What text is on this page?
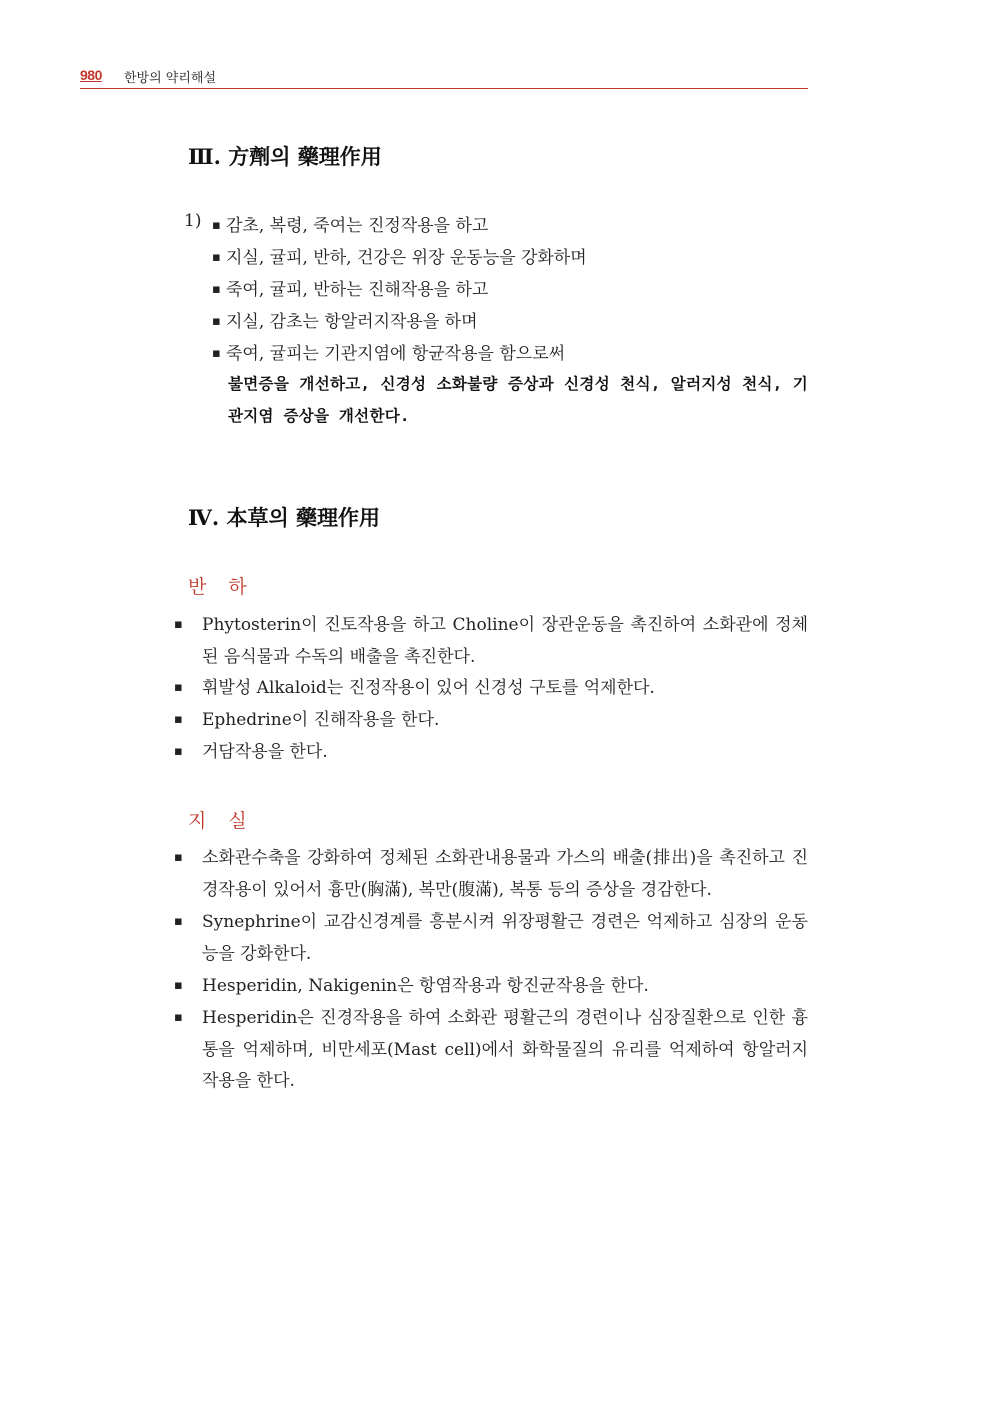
980 한방의 약리해설
Ⅲ. 方劑의 藥理作用
1) ▪ 감초, 복령, 죽여는 진정작용을 하고
▪ 지실, 귤피, 반하, 건강은 위장 운동능을 강화하며
▪ 죽여, 귤피, 반하는 진해작용을 하고
▪ 지실, 감초는 항알러지작용을 하며
▪ 죽여, 귤피는 기관지염에 항균작용을 함으로써
불면증을 개선하고, 신경성 소화불량 증상과 신경성 천식, 알러지성 천식, 기관지염 증상을 개선한다.
Ⅳ. 本草의 藥理作用
반 하
▪ Phytosterin이 진토작용을 하고 Choline이 장관운동을 촉진하여 소화관에 정체된 음식물과 수독의 배출을 촉진한다.
▪ 휘발성 Alkaloid는 진정작용이 있어 신경성 구토를 억제한다.
▪ Ephedrine이 진해작용을 한다.
▪ 거담작용을 한다.
지 실
▪ 소화관수축을 강화하여 정체된 소화관내용물과 가스의 배출(排出)을 촉진하고 진경작용이 있어서 흉만(胸滿), 복만(腹滿), 복통 등의 증상을 경감한다.
▪ Synephrine이 교감신경계를 흥분시켜 위장평활근 경련은 억제하고 심장의 운동능을 강화한다.
▪ Hesperidin, Nakigenin은 항염작용과 항진균작용을 한다.
▪ Hesperidin은 진경작용을 하여 소화관 평활근의 경련이나 심장질환으로 인한 흉통을 억제하며, 비만세포(Mast cell)에서 화학물질의 유리를 억제하여 항알러지작용을 한다.
